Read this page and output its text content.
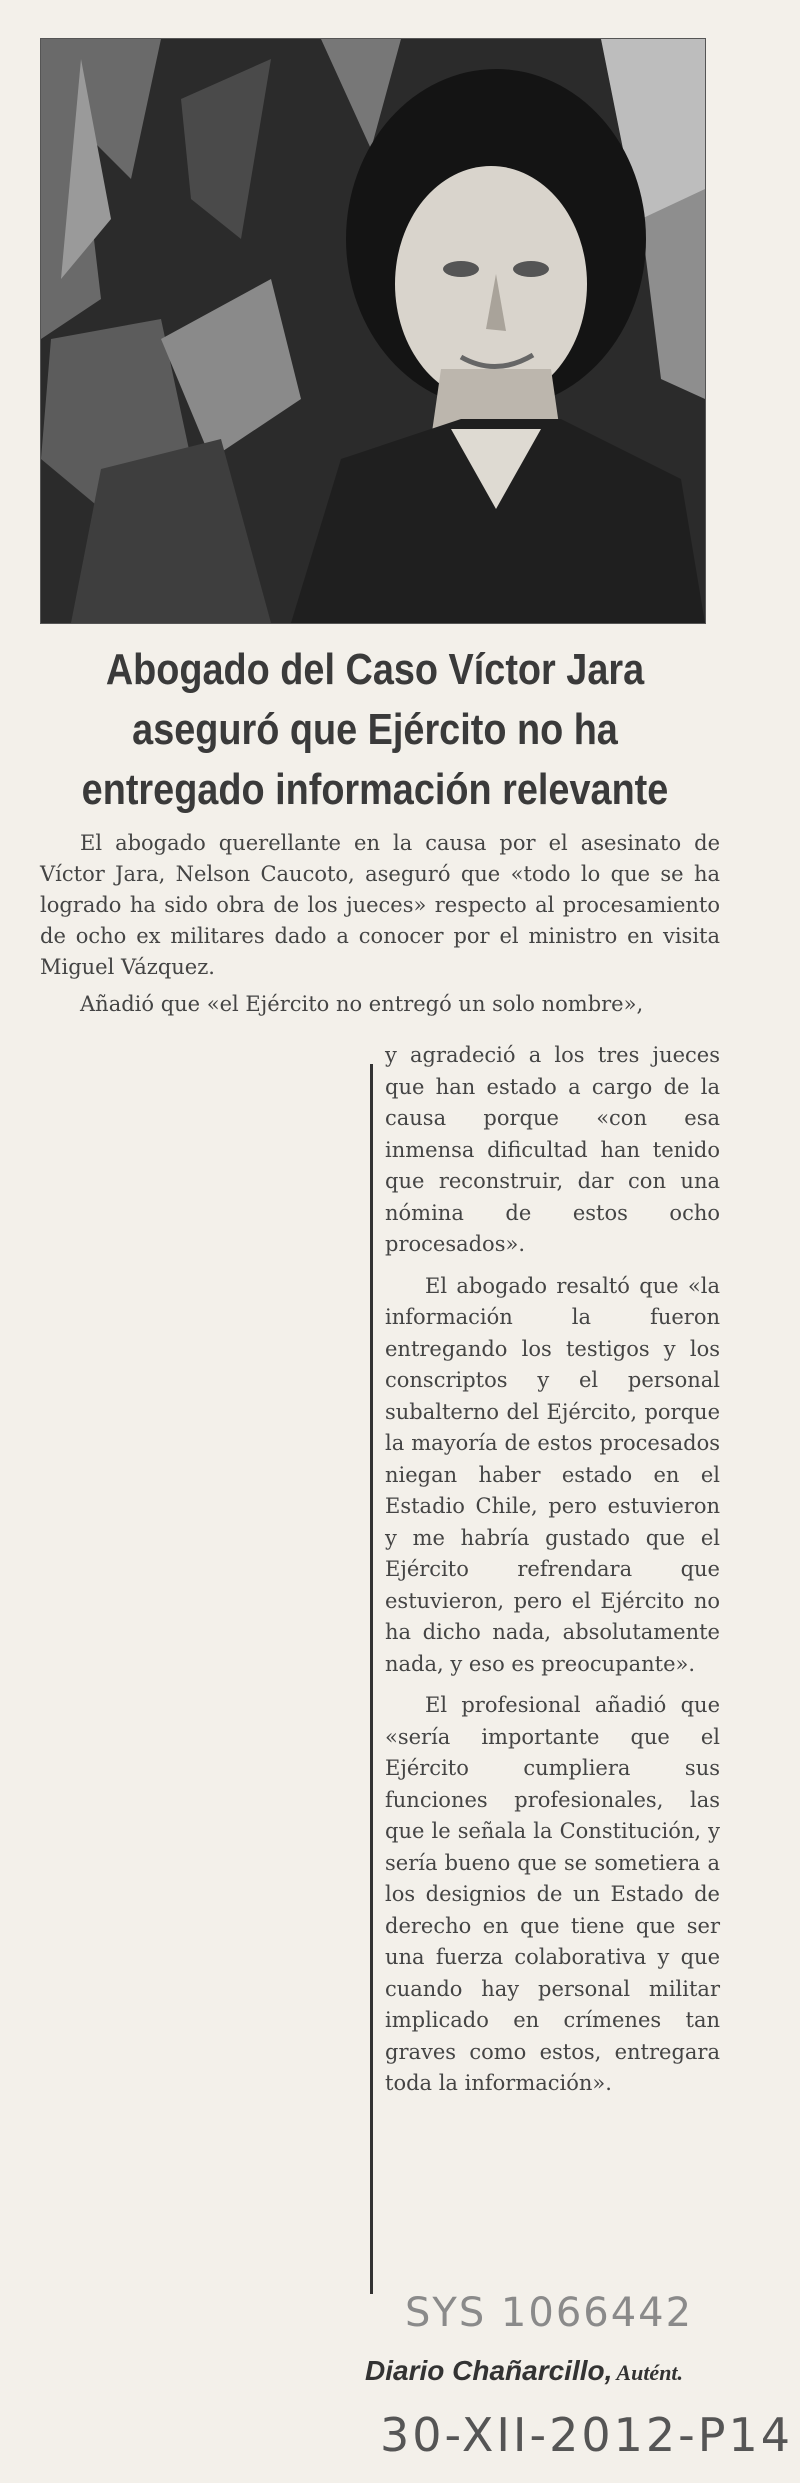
Abogado del Caso Víctor Jara
aseguró que Ejército no ha
entregado información relevante

El abogado querellante en la causa por el asesinato de Víctor Jara, Nelson Caucoto, aseguró que «todo lo que se ha logrado ha sido obra de los jueces» respecto al procesamiento de ocho ex militares dado a conocer por el ministro en visita Miguel Vázquez.

Añadió que «el Ejército no entregó un solo nombre»,

y agradeció a los tres jueces que han estado a cargo de la causa porque «con esa inmensa dificultad han tenido que reconstruir, dar con una nómina de estos ocho procesados».

El abogado resaltó que «la información la fueron entregando los testigos y los conscriptos y el personal subalterno del Ejército, porque la mayoría de estos procesados niegan haber estado en el Estadio Chile, pero estuvieron y me habría gustado que el Ejército refrendara que estuvieron, pero el Ejército no ha dicho nada, absolutamente nada, y eso es preocupante».

El profesional añadió que «sería importante que el Ejército cumpliera sus funciones profesionales, las que le señala la Constitución, y sería bueno que se sometiera a los designios de un Estado de derecho en que tiene que ser una fuerza colaborativa y que cuando hay personal militar implicado en crímenes tan graves como estos, entregara toda la información».

SYS 1066442
Diario Chañarcillo, Autént.
30-XII-2012-P14
